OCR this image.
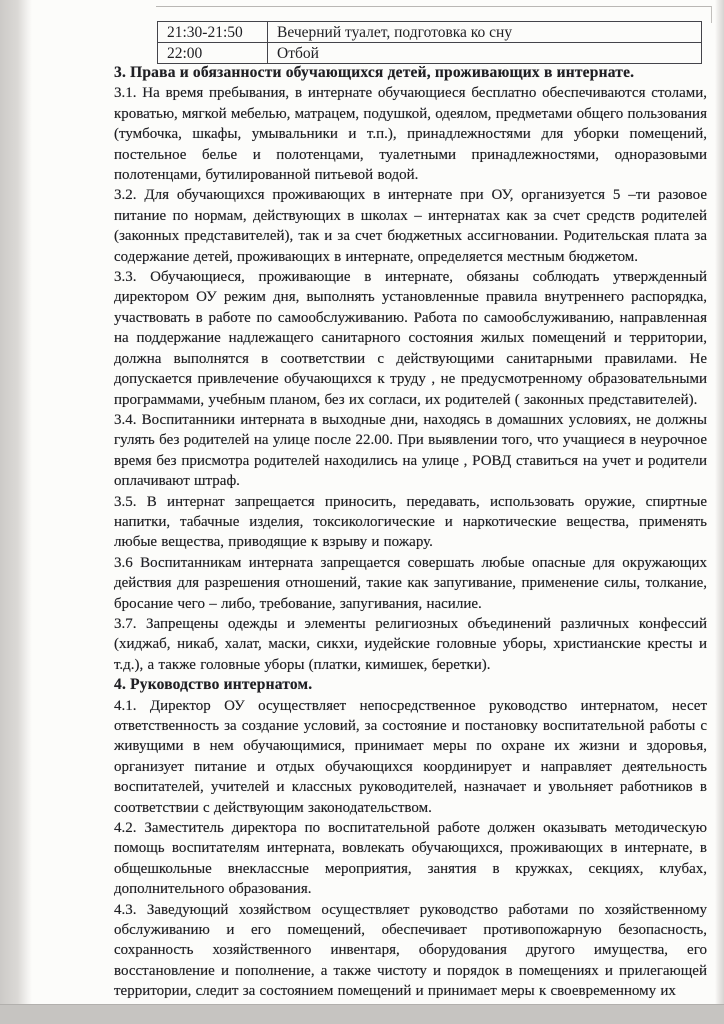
21:30-21:50	Вечерний туалет, подготовка ко сну
22:00	Отбой
3. Права и обязанности обучающихся детей, проживающих в интернате.

3.1. На время пребывания, в интернате обучающиеся бесплатно обеспечиваются столами, кроватью, мягкой мебелью, матрацем, подушкой, одеялом, предметами общего пользования (тумбочка, шкафы, умывальники и т.п.), принадлежностями для уборки помещений, постельное белье и полотенцами, туалетными принадлежностями, одноразовыми полотенцами, бутилированной питьевой водой.

3.2. Для обучающихся проживающих в интернате при ОУ, организуется 5 –ти разовое питание по нормам, действующих в школах – интернатах как за счет средств родителей (законных представителей), так и за счет бюджетных ассигновании. Родительская плата за содержание детей, проживающих в интернате, определяется местным бюджетом.

3.3. Обучающиеся, проживающие в интернате, обязаны соблюдать утвержденный директором ОУ режим дня, выполнять установленные правила внутреннего распорядка, участвовать в работе по самообслуживанию. Работа по самообслуживанию, направленная на поддержание надлежащего санитарного состояния жилых помещений и территории, должна выполнятся в соответствии с действующими санитарными правилами. Не допускается привлечение обучающихся к труду , не предусмотренному образовательными программами, учебным планом, без их согласи, их родителей ( законных представителей).

3.4. Воспитанники интерната в выходные дни, находясь в домашних условиях, не должны гулять без родителей на улице после 22.00. При выявлении того, что учащиеся в неурочное время без присмотра родителей находились на улице , РОВД ставиться на учет и родители оплачивают штраф.

3.5. В интернат запрещается приносить, передавать, использовать оружие, спиртные напитки, табачные изделия, токсикологические и наркотические вещества, применять любые вещества, приводящие к взрыву и пожару.

3.6 Воспитанникам интерната запрещается совершать любые опасные для окружающих действия для разрешения отношений, такие как запугивание, применение силы, толкание, бросание чего – либо, требование, запугивания, насилие.

3.7. Запрещены одежды и элементы религиозных объединений различных конфессий (хиджаб, никаб, халат, маски, сикхи, иудейские головные уборы, христианские кресты и т.д.), а также головные уборы (платки, кимишек, беретки).

4. Руководство интернатом.

4.1. Директор ОУ осуществляет непосредственное руководство интернатом, несет ответственность за создание условий, за состояние и постановку воспитательной работы с живущими в нем обучающимися, принимает меры по охране их жизни и здоровья, организует питание и отдых обучающихся координирует и направляет деятельность воспитателей, учителей и классных руководителей, назначает и увольняет работников в соответствии с действующим законодательством.

4.2. Заместитель директора по воспитательной работе должен оказывать методическую помощь воспитателям интерната, вовлекать обучающихся, проживающих в интернате, в общешкольные внеклассные мероприятия, занятия в кружках, секциях, клубах, дополнительного образования.

4.3. Заведующий хозяйством осуществляет руководство работами по хозяйственному обслуживанию и его помещений, обеспечивает противопожарную безопасность, сохранность хозяйственного инвентаря, оборудования другого имущества, его восстановление и пополнение, а также чистоту и порядок в помещениях и прилегающей территории, следит за состоянием помещений и принимает меры к своевременному их
